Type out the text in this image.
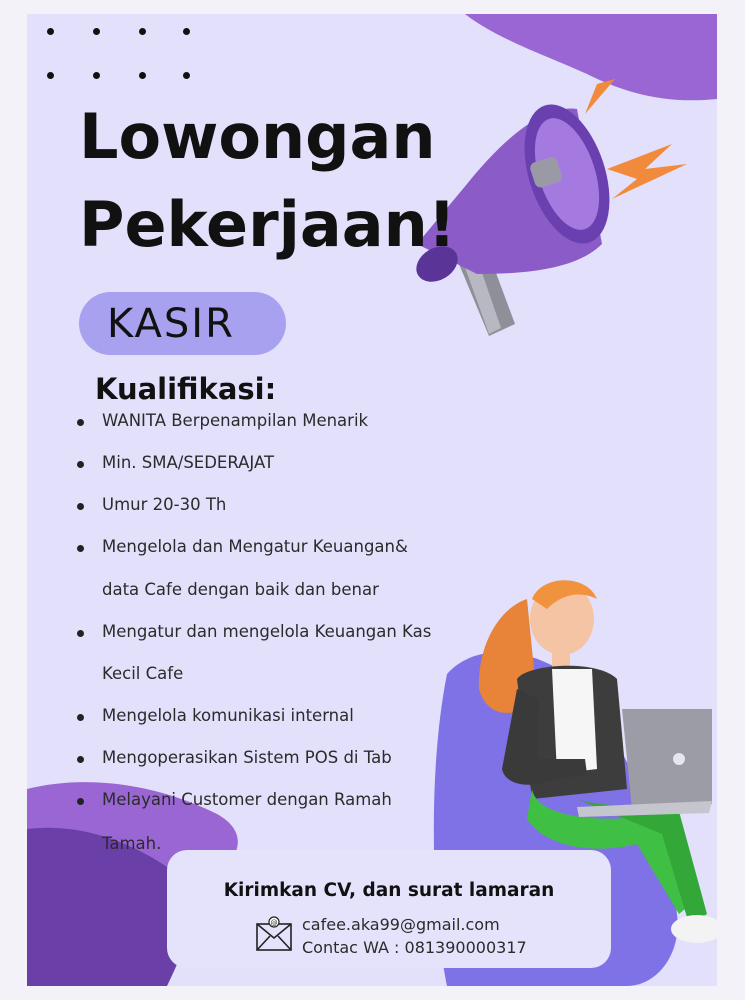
Lowongan
Pekerjaan!
KASIR
Kualifikasi:
WANITA Berpenampilan Menarik
Min. SMA/SEDERAJAT
Umur 20-30 Th
Mengelola dan Mengatur Keuangan&
data Cafe dengan baik dan benar
Mengatur dan mengelola Keuangan Kas
Kecil Cafe
Mengelola komunikasi internal
Mengoperasikan Sistem POS di Tab
Melayani Customer dengan Ramah
Tamah.
Kirimkan CV, dan surat lamaran
@ cafee.aka99@gmail.com
Contac WA : 081390000317
